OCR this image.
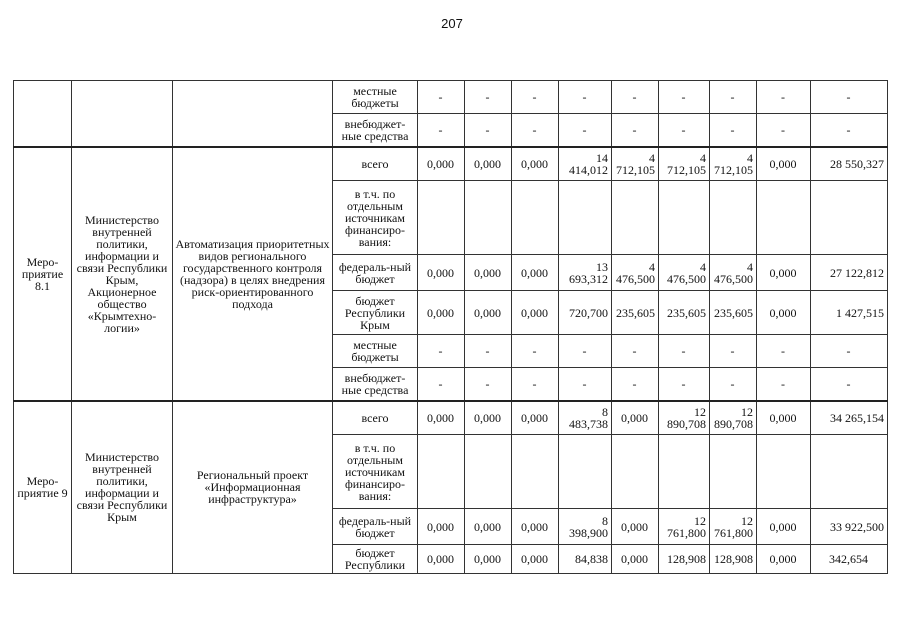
207
			местные бюджеты	-	-	-	-	-	-	-	-	-
			внебюджет-ные средства	-	-	-	-	-	-	-	-	-
Меро-приятие 8.1	Министерство внутренней политики, информации и связи Республики Крым, Акционерное общество «Крымтехно-логии»	Автоматизация приоритетных видов регионального государственного контроля (надзора) в целях внедрения риск-ориентированного подхода	всего	0,000	0,000	0,000	14 414,012	4 712,105	4 712,105	4 712,105	0,000	28 550,327
			в т.ч. по отдельным источникам финансиро-вания:									
			федераль-ный бюджет	0,000	0,000	0,000	13 693,312	4 476,500	4 476,500	4 476,500	0,000	27 122,812
			бюджет Республики Крым	0,000	0,000	0,000	720,700	235,605	235,605	235,605	0,000	1 427,515
			местные бюджеты	-	-	-	-	-	-	-	-	-
			внебюджет-ные средства	-	-	-	-	-	-	-	-	-
Меро-приятие 9	Министерство внутренней политики, информации и связи Республики Крым	Региональный проект «Информационная инфраструктура»	всего	0,000	0,000	0,000	8 483,738	0,000	12 890,708	12 890,708	0,000	34 265,154
			в т.ч. по отдельным источникам финансиро-вания:									
			федераль-ный бюджет	0,000	0,000	0,000	8 398,900	0,000	12 761,800	12 761,800	0,000	33 922,500
			бюджет Республики	0,000	0,000	0,000	84,838	0,000	128,908	128,908	0,000	342,654
